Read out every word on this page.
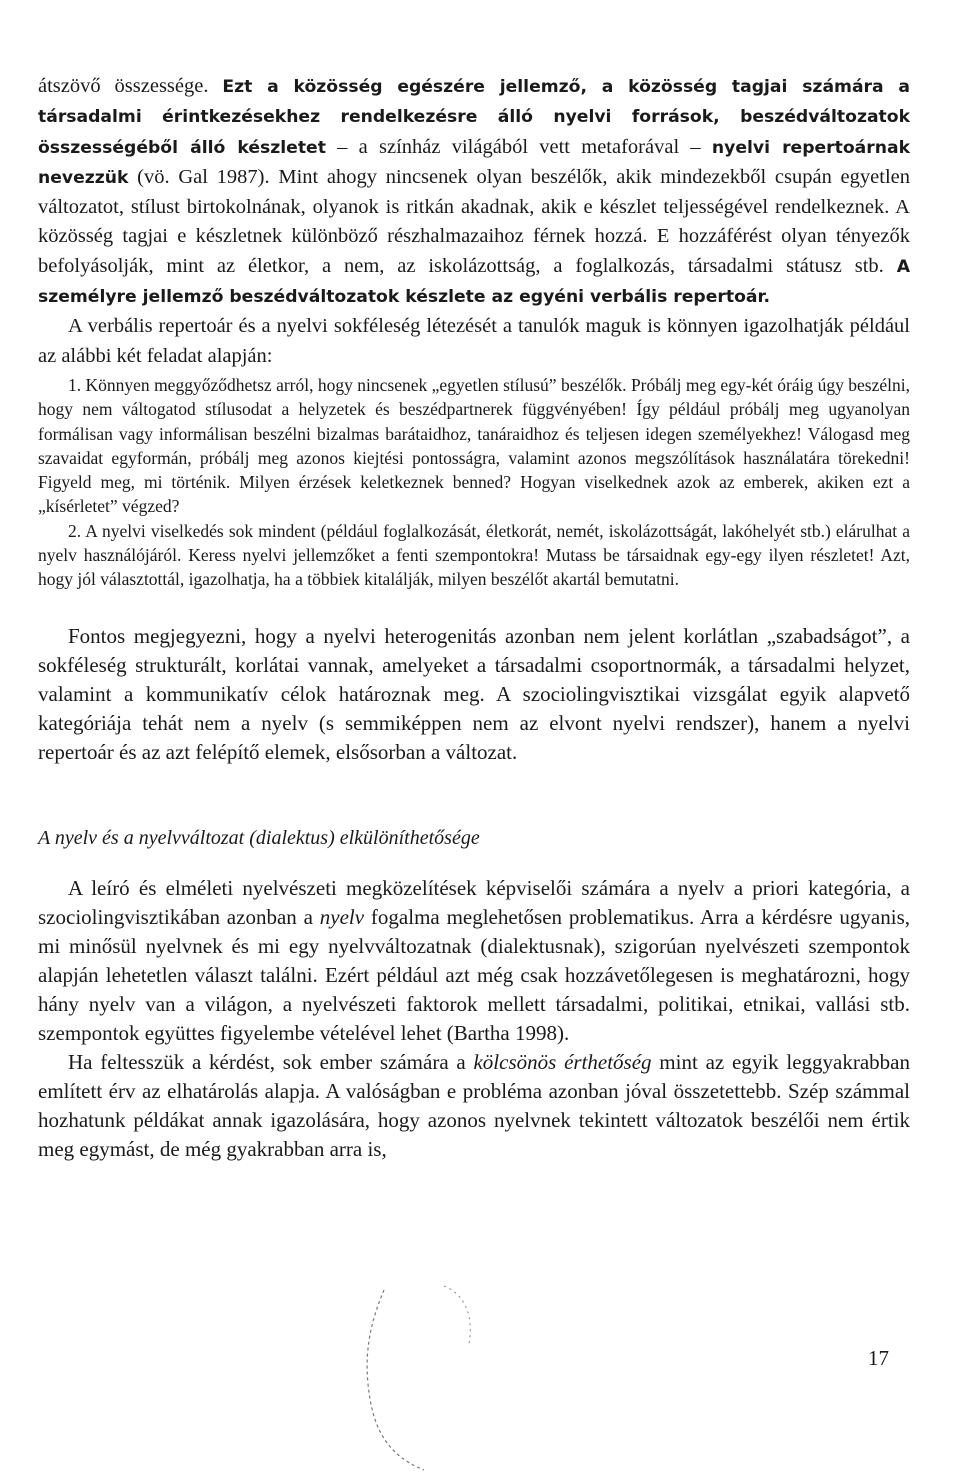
átszövő összessége. Ezt a közösség egészére jellemző, a közösség tagjai számára a társadalmi érintkezésekhez rendelkezésre álló nyelvi források, beszédváltozatok összességéből álló készletet – a színház világából vett metaforával – nyelvi repertoárnak nevezzük (vö. Gal 1987). Mint ahogy nincsenek olyan beszélők, akik mindezekből csupán egyetlen változatot, stílust birtokolnának, olyanok is ritkán akadnak, akik e készlet teljességével rendelkeznek. A közösség tagjai e készletnek különböző részhalmazaihoz férnek hozzá. E hozzáférést olyan tényezők befolyásolják, mint az életkor, a nem, az iskolázottság, a foglalkozás, társadalmi státusz stb. A személyre jellemző beszédváltozatok készlete az egyéni verbális repertoár.

A verbális repertoár és a nyelvi sokféleség létezését a tanulók maguk is könnyen igazolhatják például az alábbi két feladat alapján:

1. Könnyen meggyőződhetsz arról, hogy nincsenek „egyetlen stílusú” beszélők. Próbálj meg egy-két óráig úgy beszélni, hogy nem váltogatod stílusodat a helyzetek és beszédpartnerek függvényében! Így például próbálj meg ugyanolyan formálisan vagy informálisan beszélni bizalmas barátaidhoz, tanáraidhoz és teljesen idegen személyekhez! Válogasd meg szavaidat egyformán, próbálj meg azonos kiejtési pontosságra, valamint azonos megszólítások használatára törekedni! Figyeld meg, mi történik. Milyen érzések keletkeznek benned? Hogyan viselkednek azok az emberek, akiken ezt a „kísérletet” végzed?

2. A nyelvi viselkedés sok mindent (például foglalkozását, életkorát, nemét, iskolázottságát, lakóhelyét stb.) elárulhat a nyelv használójáról. Keress nyelvi jellemzőket a fenti szempontokra! Mutass be társaidnak egy-egy ilyen részletet! Azt, hogy jól választottál, igazolhatja, ha a többiek kitalálják, milyen beszélőt akartál bemutatni.

Fontos megjegyezni, hogy a nyelvi heterogenitás azonban nem jelent korlátlan „szabadságot”, a sokféleség strukturált, korlátai vannak, amelyeket a társadalmi csoportnormák, a társadalmi helyzet, valamint a kommunikatív célok határoznak meg. A szociolingvisztikai vizsgálat egyik alapvető kategóriája tehát nem a nyelv (s semmiképpen nem az elvont nyelvi rendszer), hanem a nyelvi repertoár és az azt felépítő elemek, elsősorban a változat.

A nyelv és a nyelvváltozat (dialektus) elkülöníthetősége

A leíró és elméleti nyelvészeti megközelítések képviselői számára a nyelv a priori kategória, a szociolingvisztikában azonban a nyelv fogalma meglehetősen problematikus. Arra a kérdésre ugyanis, mi minősül nyelvnek és mi egy nyelvváltozatnak (dialektusnak), szigorúan nyelvészeti szempontok alapján lehetetlen választ találni. Ezért például azt még csak hozzávetőlegesen is meghatározni, hogy hány nyelv van a világon, a nyelvészeti faktorok mellett társadalmi, politikai, etnikai, vallási stb. szempontok együttes figyelembe vételével lehet (Bartha 1998).

Ha feltesszük a kérdést, sok ember számára a kölcsönös érthetőség mint az egyik leggyakrabban említett érv az elhatárolás alapja. A valóságban e probléma azonban jóval összetettebb. Szép számmal hozhatunk példákat annak igazolására, hogy azonos nyelvnek tekintett változatok beszélői nem értik meg egymást, de még gyakrabban arra is,

17
